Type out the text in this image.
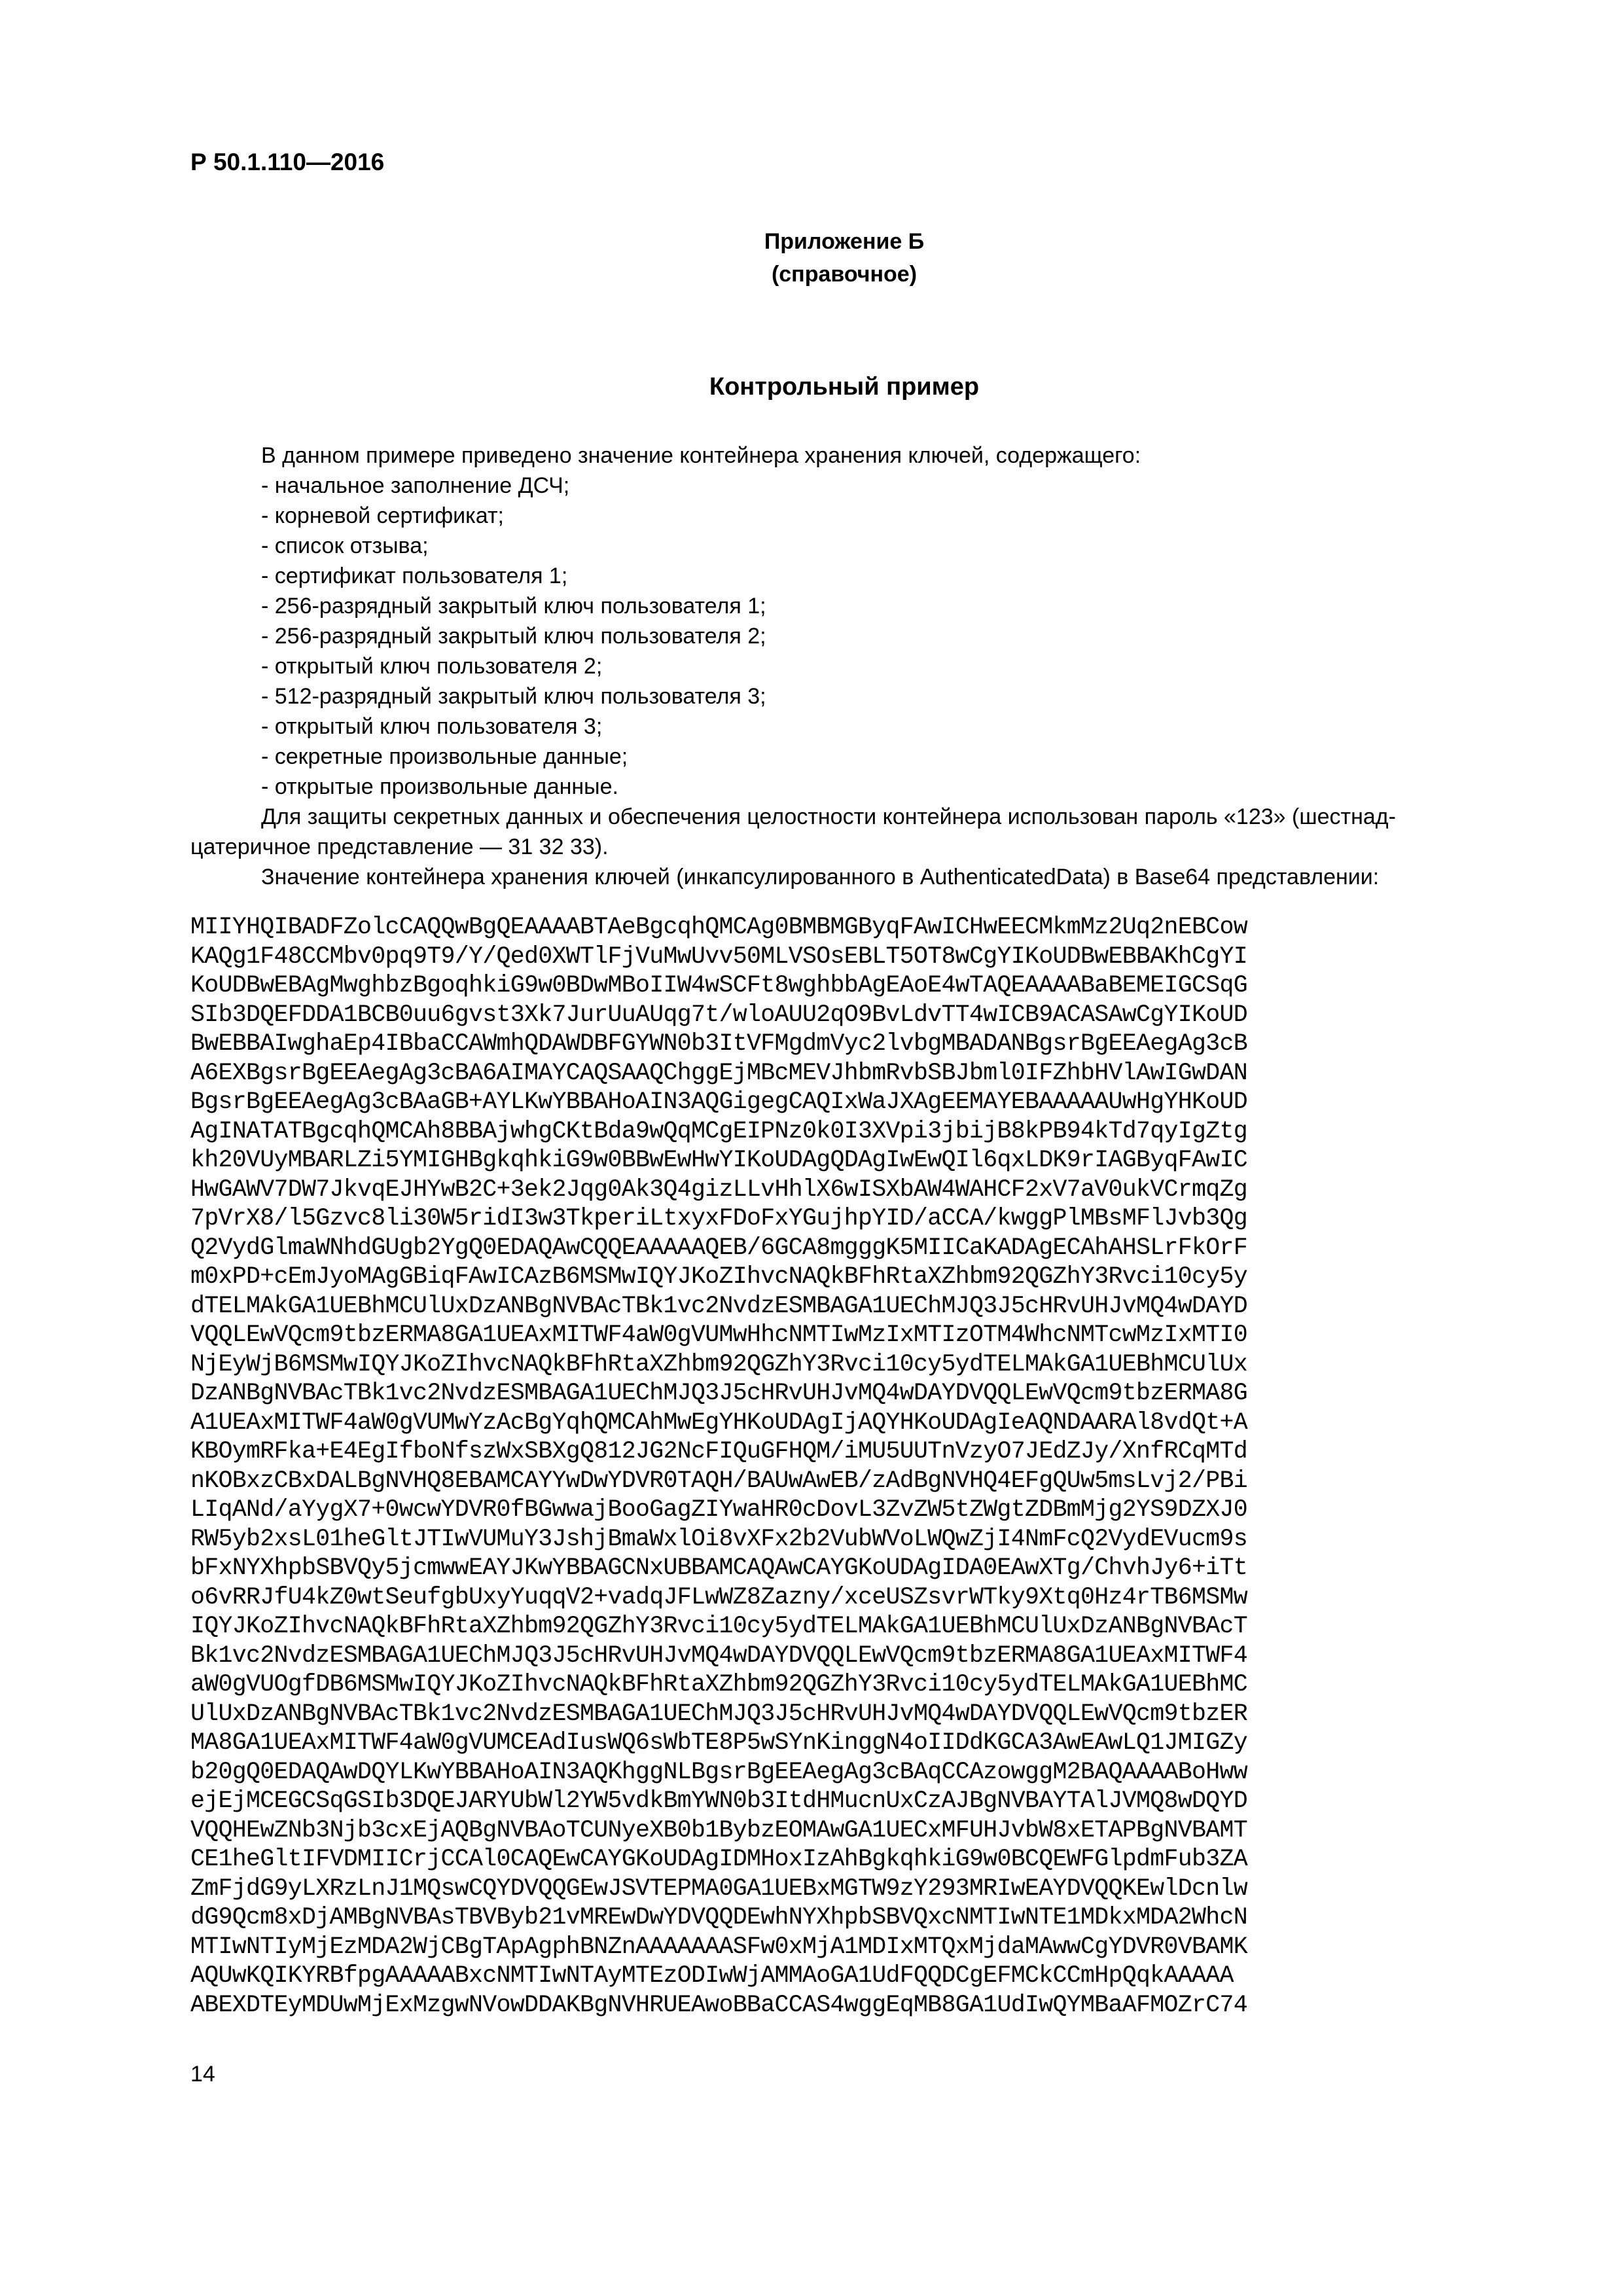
Р 50.1.110—2016
Приложение Б
(справочное)
Контрольный пример
В данном примере приведено значение контейнера хранения ключей, содержащего:
- начальное заполнение ДСЧ;
- корневой сертификат;
- список отзыва;
- сертификат пользователя 1;
- 256-разрядный закрытый ключ пользователя 1;
- 256-разрядный закрытый ключ пользователя 2;
- открытый ключ пользователя 2;
- 512-разрядный закрытый ключ пользователя 3;
- открытый ключ пользователя 3;
- секретные произвольные данные;
- открытые произвольные данные.
Для защиты секретных данных и обеспечения целостности контейнера использован пароль «123» (шестнад-
цатеричное представление — 31 32 33).
Значение контейнера хранения ключей (инкапсулированного в AuthenticatedData) в Base64 представлении:
MIIYHQIBADFZolcCAQQwBgQEAAAABTAeBgcqhQMCAg0BMBMGByqFAwICHwEECMkmMz2Uq2nEBCow
KAQg1F48CCMbv0pq9T9/Y/Qed0XWTlFjVuMwUvv50MLVSOsEBLT5OT8wCgYIKoUDBwEBBAKhCgYI
KoUDBwEBAgMwghbzBgoqhkiG9w0BDwMBoIIW4wSCFt8wghbbAgEAoE4wTAQEAAAABaBEMEIGCSqG
SIb3DQEFDDA1BCB0uu6gvst3Xk7JurUuAUqg7t/wloAUU2qO9BvLdvTT4wICB9ACASAwCgYIKoUD
BwEBBAIwghaEp4IBbaCCAWmhQDAWDBFGYWN0b3ItVFMgdmVyc2lvbgMBADANBgsrBgEEAegAg3cB
A6EXBgsrBgEEAegAg3cBA6AIMAYCAQSAAQChggEjMBcMEVJhbmRvbSBJbml0IFZhbHVlAwIGwDAN
BgsrBgEEAegAg3cBAaGB+AYLKwYBBAHoAIN3AQGigegCAQIxWaJXAgEEMAYEBAAAAAUwHgYHKoUD
AgINATATBgcqhQMCAh8BBAjwhgCKtBda9wQqMCgEIPNz0k0I3XVpi3jbijB8kPB94kTd7qyIgZtg
kh20VUyMBARLZi5YMIGHBgkqhkiG9w0BBwEwHwYIKoUDAgQDAgIwEwQIl6qxLDK9rIAGByqFAwIC
HwGAWV7DW7JkvqEJHYwB2C+3ek2Jqg0Ak3Q4gizLLvHhlX6wISXbAW4WAHCF2xV7aV0ukVCrmqZg
7pVrX8/l5Gzvc8li30W5ridI3w3TkperiLtxyxFDoFxYGujhpYID/aCCA/kwggPlMBsMFlJvb3Qg
Q2VydGlmaWNhdGUgb2YgQ0EDAQAwCQQEAAAAAQEB/6GCA8mgggK5MIICaKADAgECAhAHSLrFkOrF
m0xPD+cEmJyoMAgGBiqFAwICAzB6MSMwIQYJKoZIhvcNAQkBFhRtaXZhbm92QGZhY3Rvci10cy5y
dTELMAkGA1UEBhMCUlUxDzANBgNVBAcTBk1vc2NvdzESMBAGA1UEChMJQ3J5cHRvUHJvMQ4wDAYD
VQQLEwVQcm9tbzERMA8GA1UEAxMITWF4aW0gVUMwHhcNMTIwMzIxMTIzOTM4WhcNMTcwMzIxMTI0
NjEyWjB6MSMwIQYJKoZIhvcNAQkBFhRtaXZhbm92QGZhY3Rvci10cy5ydTELMAkGA1UEBhMCUlUx
DzANBgNVBAcTBk1vc2NvdzESMBAGA1UEChMJQ3J5cHRvUHJvMQ4wDAYDVQQLEwVQcm9tbzERMA8G
A1UEAxMITWF4aW0gVUMwYzAcBgYqhQMCAhMwEgYHKoUDAgIjAQYHKoUDAgIeAQNDAARAl8vdQt+A
KBOymRFka+E4EgIfboNfszWxSBXgQ812JG2NcFIQuGFHQM/iMU5UUTnVzyO7JEdZJy/XnfRCqMTd
nKOBxzCBxDALBgNVHQ8EBAMCAYYwDwYDVR0TAQH/BAUwAwEB/zAdBgNVHQ4EFgQUw5msLvj2/PBi
LIqANd/aYygX7+0wcwYDVR0fBGwwajBooGagZIYwaHR0cDovL3ZvZW5tZWgtZDBmMjg2YS9DZXJ0
RW5yb2xsL01heGltJTIwVUMuY3JshjBmaWxlOi8vXFx2b2VubWVoLWQwZjI4NmFcQ2VydEVucm9s
bFxNYXhpbSBVQy5jcmwwEAYJKwYBBAGCNxUBBAMCAQAwCAYGKoUDAgIDA0EAwXTg/ChvhJy6+iTt
o6vRRJfU4kZ0wtSeufgbUxyYuqqV2+vadqJFLwWZ8Zazny/xceUSZsvrWTky9Xtq0Hz4rTB6MSMw
IQYJKoZIhvcNAQkBFhRtaXZhbm92QGZhY3Rvci10cy5ydTELMAkGA1UEBhMCUlUxDzANBgNVBAcT
Bk1vc2NvdzESMBAGA1UEChMJQ3J5cHRvUHJvMQ4wDAYDVQQLEwVQcm9tbzERMA8GA1UEAxMITWF4
aW0gVUOgfDB6MSMwIQYJKoZIhvcNAQkBFhRtaXZhbm92QGZhY3Rvci10cy5ydTELMAkGA1UEBhMC
UlUxDzANBgNVBAcTBk1vc2NvdzESMBAGA1UEChMJQ3J5cHRvUHJvMQ4wDAYDVQQLEwVQcm9tbzER
MA8GA1UEAxMITWF4aW0gVUMCEAdIusWQ6sWbTE8P5wSYnKinggN4oIIDdKGCA3AwEAwLQ1JMIGZy
b20gQ0EDAQAwDQYLKwYBBAHoAIN3AQKhggNLBgsrBgEEAegAg3cBAqCCAzowggM2BAQAAAABoHww
ejEjMCEGCSqGSIb3DQEJARYUbWl2YW5vdkBmYWN0b3ItdHMucnUxCzAJBgNVBAYTAlJVMQ8wDQYD
VQQHEwZNb3Njb3cxEjAQBgNVBAoTCUNyeXB0b1BybzEOMAwGA1UECxMFUHJvbW8xETAPBgNVBAMT
CE1heGltIFVDMIICrjCCAl0CAQEwCAYGKoUDAgIDMHoxIzAhBgkqhkiG9w0BCQEWFGlpdmFub3ZA
ZmFjdG9yLXRzLnJ1MQswCQYDVQQGEwJSVTEPMA0GA1UEBxMGTW9zY293MRIwEAYDVQQKEwlDcnlw
dG9Qcm8xDjAMBgNVBAsTBVByb21vMREwDwYDVQQDEwhNYXhpbSBVQxcNMTIwNTE1MDkxMDA2WhcN
MTIwNTIyMjEzMDA2WjCBgTApAgphBNZnAAAAAAASFw0xMjA1MDIxMTQxMjdaMAwwCgYDVR0VBAMK
AQUwKQIKYRBfpgAAAAABxcNMTIwNTAyMTEzODIwWjAMMAoGA1UdFQQDCgEFMCkCCmHpQqkAAAAA
ABEXDTEyMDUwMjExMzgwNVowDDAKBgNVHRUEAwoBBaCCAS4wggEqMB8GA1UdIwQYMBaAFMOZrC74
14
